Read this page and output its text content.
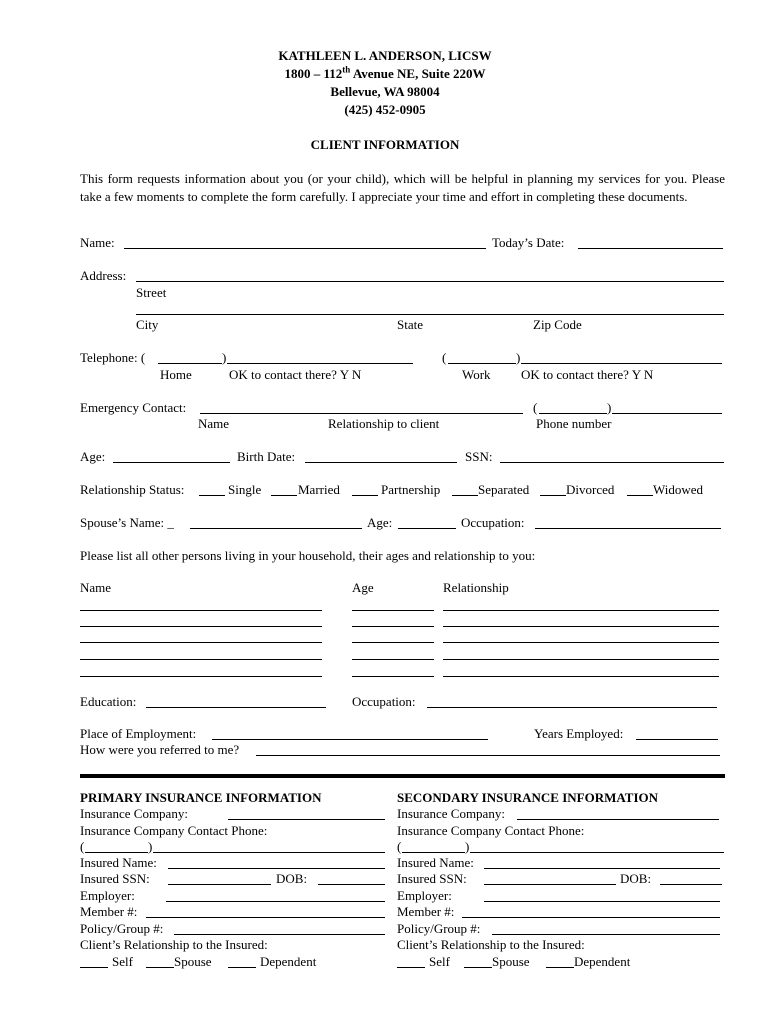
KATHLEEN L. ANDERSON, LICSW
1800 – 112th Avenue NE, Suite 220W
Bellevue, WA 98004
(425) 452-0905
CLIENT INFORMATION
This form requests information about you (or your child), which will be helpful in planning my services for you. Please take a few moments to complete the form carefully. I appreciate your time and effort in completing these documents.
Name:	Today’s Date:
Address:
Street
City	State	Zip Code
Telephone: (	)	(	)
Home	OK to contact there? Y N	Work OK to contact there? Y N
Emergency Contact:	(	)
Name	Relationship to client	Phone number
Age:	Birth Date:	SSN:
Relationship Status:	Single	Married	Partnership	Separated	Divorced	Widowed
Spouse’s Name: _	Age:	Occupation:
Please list all other persons living in your household, their ages and relationship to you:
Name	Age	Relationship
Education:	Occupation:
Place of Employment:	Years Employed:
How were you referred to me?
PRIMARY INSURANCE INFORMATION
Insurance Company:
Insurance Company Contact Phone:
(	)
Insured Name:
Insured SSN:	DOB:
Employer:
Member #:
Policy/Group #:
Client’s Relationship to the Insured:
Self	Spouse	Dependent
SECONDARY INSURANCE INFORMATION
Insurance Company:
Insurance Company Contact Phone:
(	)
Insured Name:
Insured SSN:	DOB:
Employer:
Member #:
Policy/Group #:
Client’s Relationship to the Insured:
Self	Spouse	Dependent
